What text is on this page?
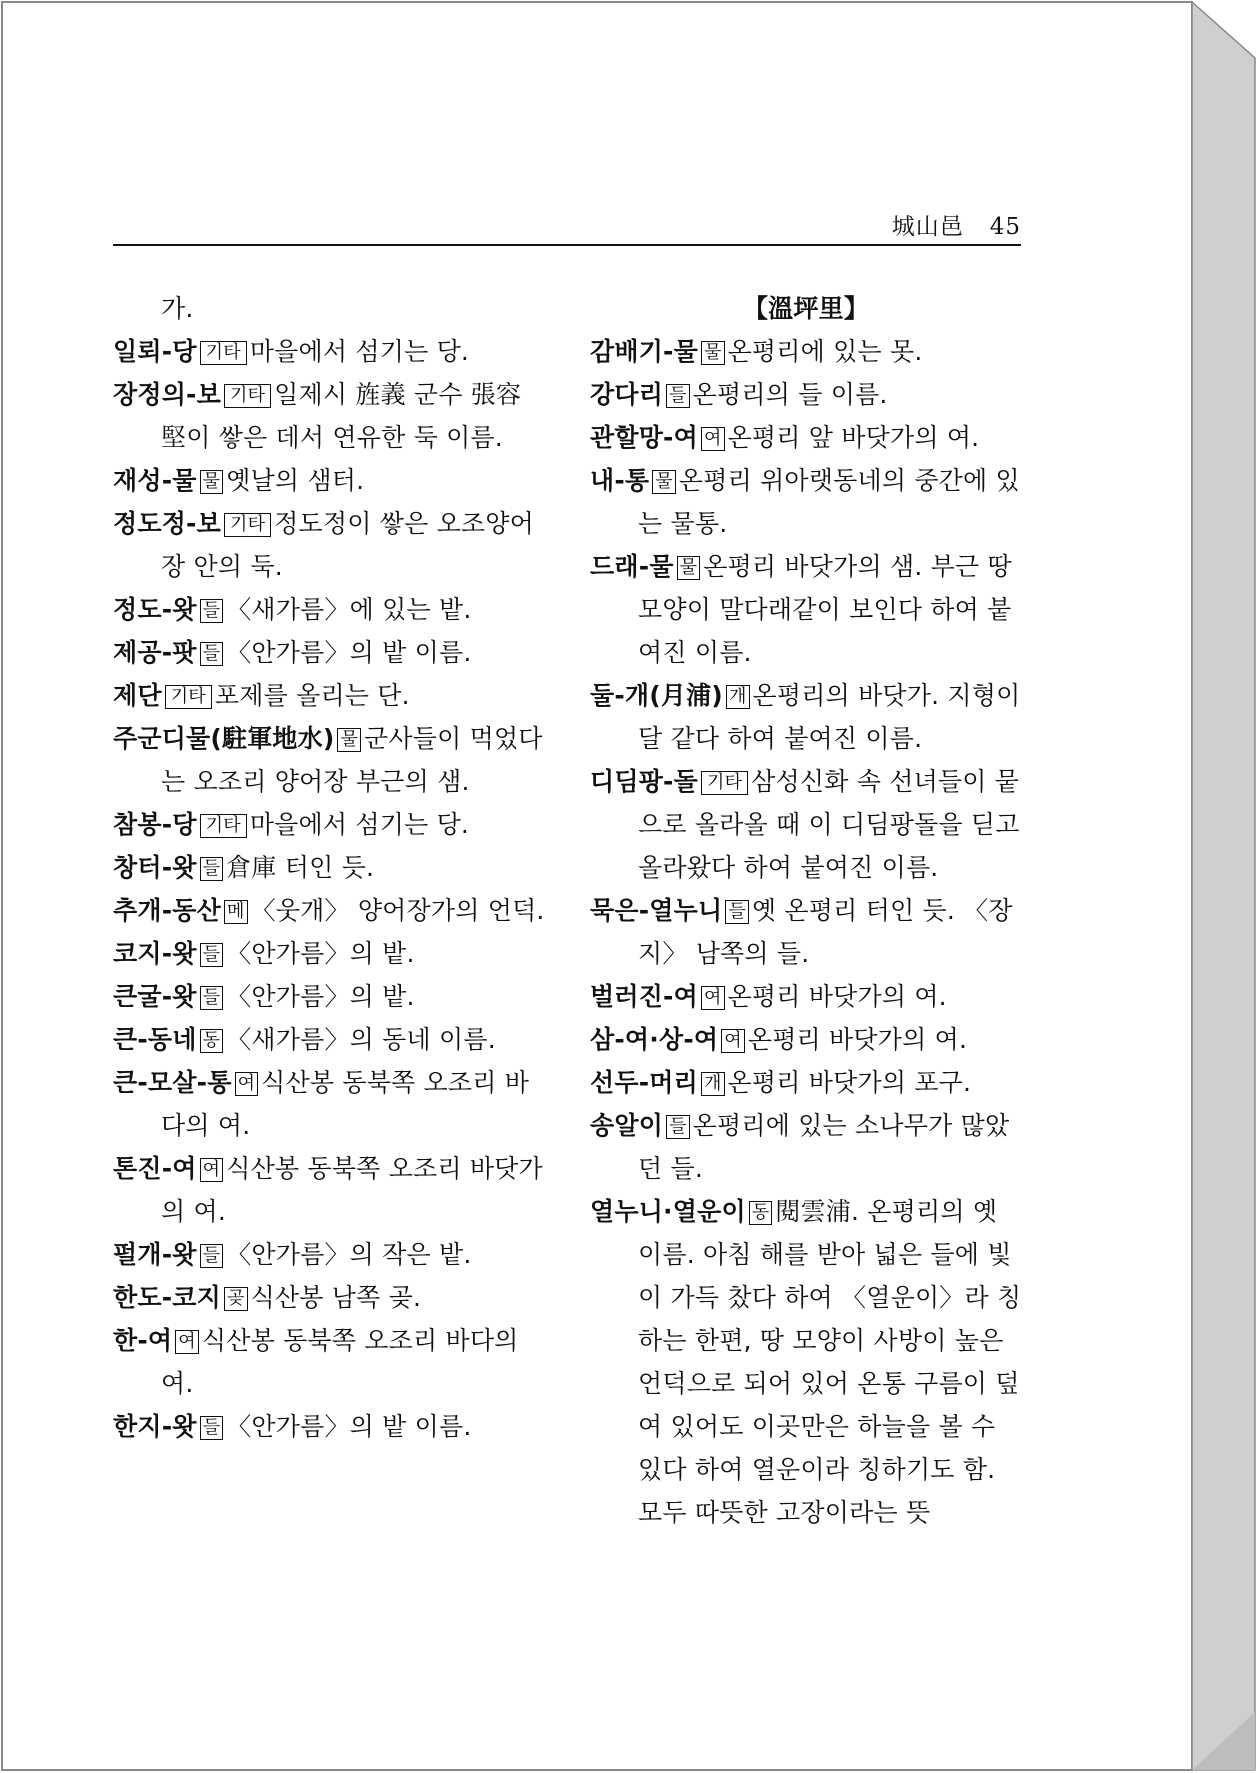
城山邑 45
가.
일뢰-당 기타 마을에서 섬기는 당.
장정의-보 기타 일제시 旌義 군수 張容堅이 쌓은 데서 연유한 둑 이름.
재성-물 물 옛날의 샘터.
정도정-보 기타 정도정이 쌓은 오조양어장 안의 둑.
정도-왓 들 〈새가름〉에 있는 밭.
제공-팟 들 〈안가름〉의 밭 이름.
제단 기타 포제를 올리는 단.
주군디물(駐軍地水) 물 군사들이 먹었다는 오조리 양어장 부근의 샘.
참봉-당 기타 마을에서 섬기는 당.
창터-왓 들 倉庫 터인 듯.
추개-동산 메 〈웃개〉 양어장가의 언덕.
코지-왓 들 〈안가름〉의 밭.
큰굴-왓 들 〈안가름〉의 밭.
큰-동네 동 〈새가름〉의 동네 이름.
큰-모살-통 여 식산봉 동북쪽 오조리 바다의 여.
톤진-여 여 식산봉 동북쪽 오조리 바닷가의 여.
펄개-왓 들 〈안가름〉의 작은 밭.
한도-코지 곶 식산봉 남쪽 곶.
한-여 여 식산봉 동북쪽 오조리 바다의 여.
한지-왓 들 〈안가름〉의 밭 이름.
【溫坪里】
감배기-물 물 온평리에 있는 못.
강다리 들 온평리의 들 이름.
관할망-여 여 온평리 앞 바닷가의 여.
내-통 물 온평리 위아랫동네의 중간에 있는 물통.
드래-물 물 온평리 바닷가의 샘. 부근 땅 모양이 말다래같이 보인다 하여 붙여진 이름.
둘-개(月浦) 개 온평리의 바닷가. 지형이 달 같다 하여 붙여진 이름.
디딤팡-돌 기타 삼성신화 속 선녀들이 뭍으로 올라올 때 이 디딤팡돌을 딛고 올라왔다 하여 붙여진 이름.
묵은-열누니 들 옛 온평리 터인 듯. 〈장지〉 남쪽의 들.
벌러진-여 여 온평리 바닷가의 여.
삼-여·상-여 여 온평리 바닷가의 여.
선두-머리 개 온평리 바닷가의 포구.
송알이 들 온평리에 있는 소나무가 많았던 들.
열누니·열운이 동 閱雲浦. 온평리의 옛 이름. 아침 해를 받아 넓은 들에 빛이 가득 찼다 하여 〈열운이〉라 칭하는 한편, 땅 모양이 사방이 높은 언덕으로 되어 있어 온통 구름이 덮여 있어도 이곳만은 하늘을 볼 수 있다 하여 열운이라 칭하기도 함. 모두 따뜻한 고장이라는 뜻
